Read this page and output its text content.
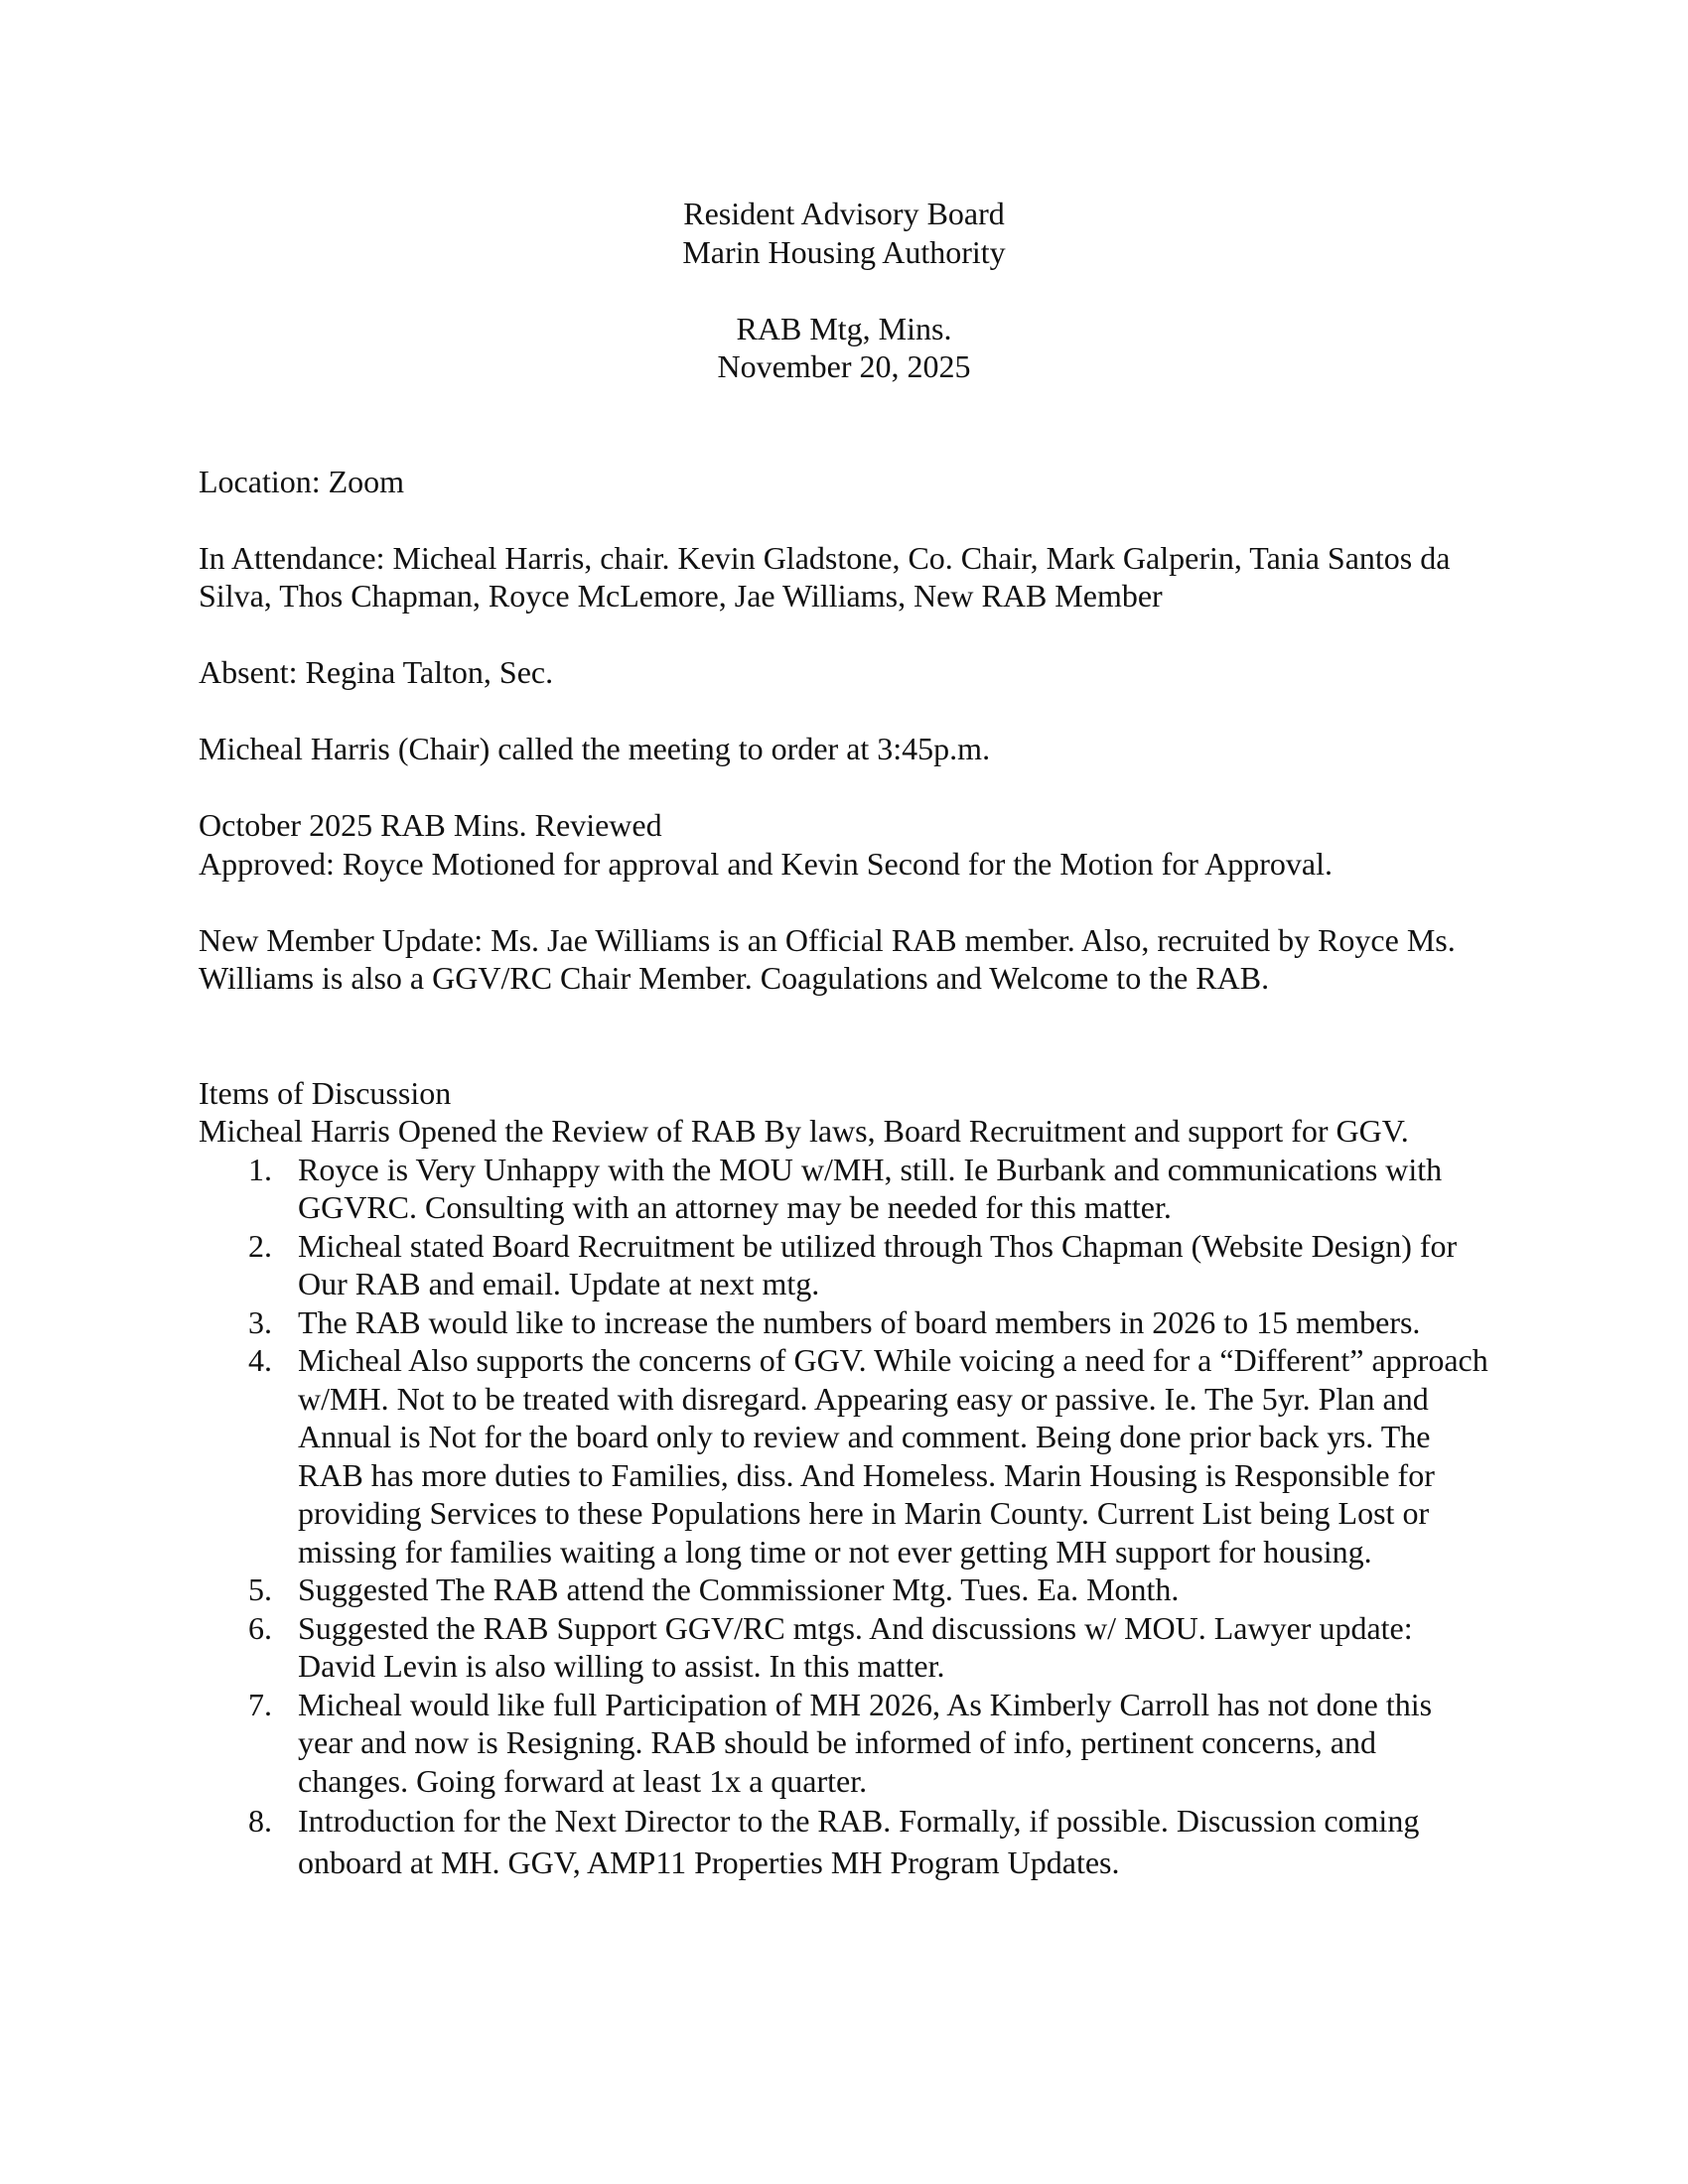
Resident Advisory Board
Marin Housing Authority
RAB Mtg, Mins.
November 20, 2025

Location: Zoom

In Attendance: Micheal Harris, chair. Kevin Gladstone, Co. Chair, Mark Galperin, Tania Santos da Silva, Thos Chapman, Royce McLemore, Jae Williams, New RAB Member

Absent: Regina Talton, Sec.

Micheal Harris (Chair) called the meeting to order at 3:45p.m.

October 2025 RAB Mins. Reviewed

Approved: Royce Motioned for approval and Kevin Second for the Motion for Approval.

New Member Update: Ms. Jae Williams is an Official RAB member. Also, recruited by Royce Ms. Williams is also a GGV/RC Chair Member. Coagulations and Welcome to the RAB.

Items of Discussion

Micheal Harris Opened the Review of RAB By laws, Board Recruitment and support for GGV.

1. Royce is Very Unhappy with the MOU w/MH, still. Ie Burbank and communications with GGVRC. Consulting with an attorney may be needed for this matter.
2. Micheal stated Board Recruitment be utilized through Thos Chapman (Website Design) for Our RAB and email. Update at next mtg.
3. The RAB would like to increase the numbers of board members in 2026 to 15 members.
4. Micheal Also supports the concerns of GGV. While voicing a need for a “Different” approach w/MH. Not to be treated with disregard. Appearing easy or passive. Ie. The 5yr. Plan and Annual is Not for the board only to review and comment. Being done prior back yrs. The RAB has more duties to Families, diss. And Homeless. Marin Housing is Responsible for providing Services to these Populations here in Marin County. Current List being Lost or missing for families waiting a long time or not ever getting MH support for housing.
5. Suggested The RAB attend the Commissioner Mtg. Tues. Ea. Month.
6. Suggested the RAB Support GGV/RC mtgs. And discussions w/ MOU. Lawyer update: David Levin is also willing to assist. In this matter.
7. Micheal would like full Participation of MH 2026, As Kimberly Carroll has not done this year and now is Resigning. RAB should be informed of info, pertinent concerns, and changes. Going forward at least 1x a quarter.
8. Introduction for the Next Director to the RAB. Formally, if possible. Discussion coming onboard at MH. GGV, AMP11 Properties MH Program Updates.
